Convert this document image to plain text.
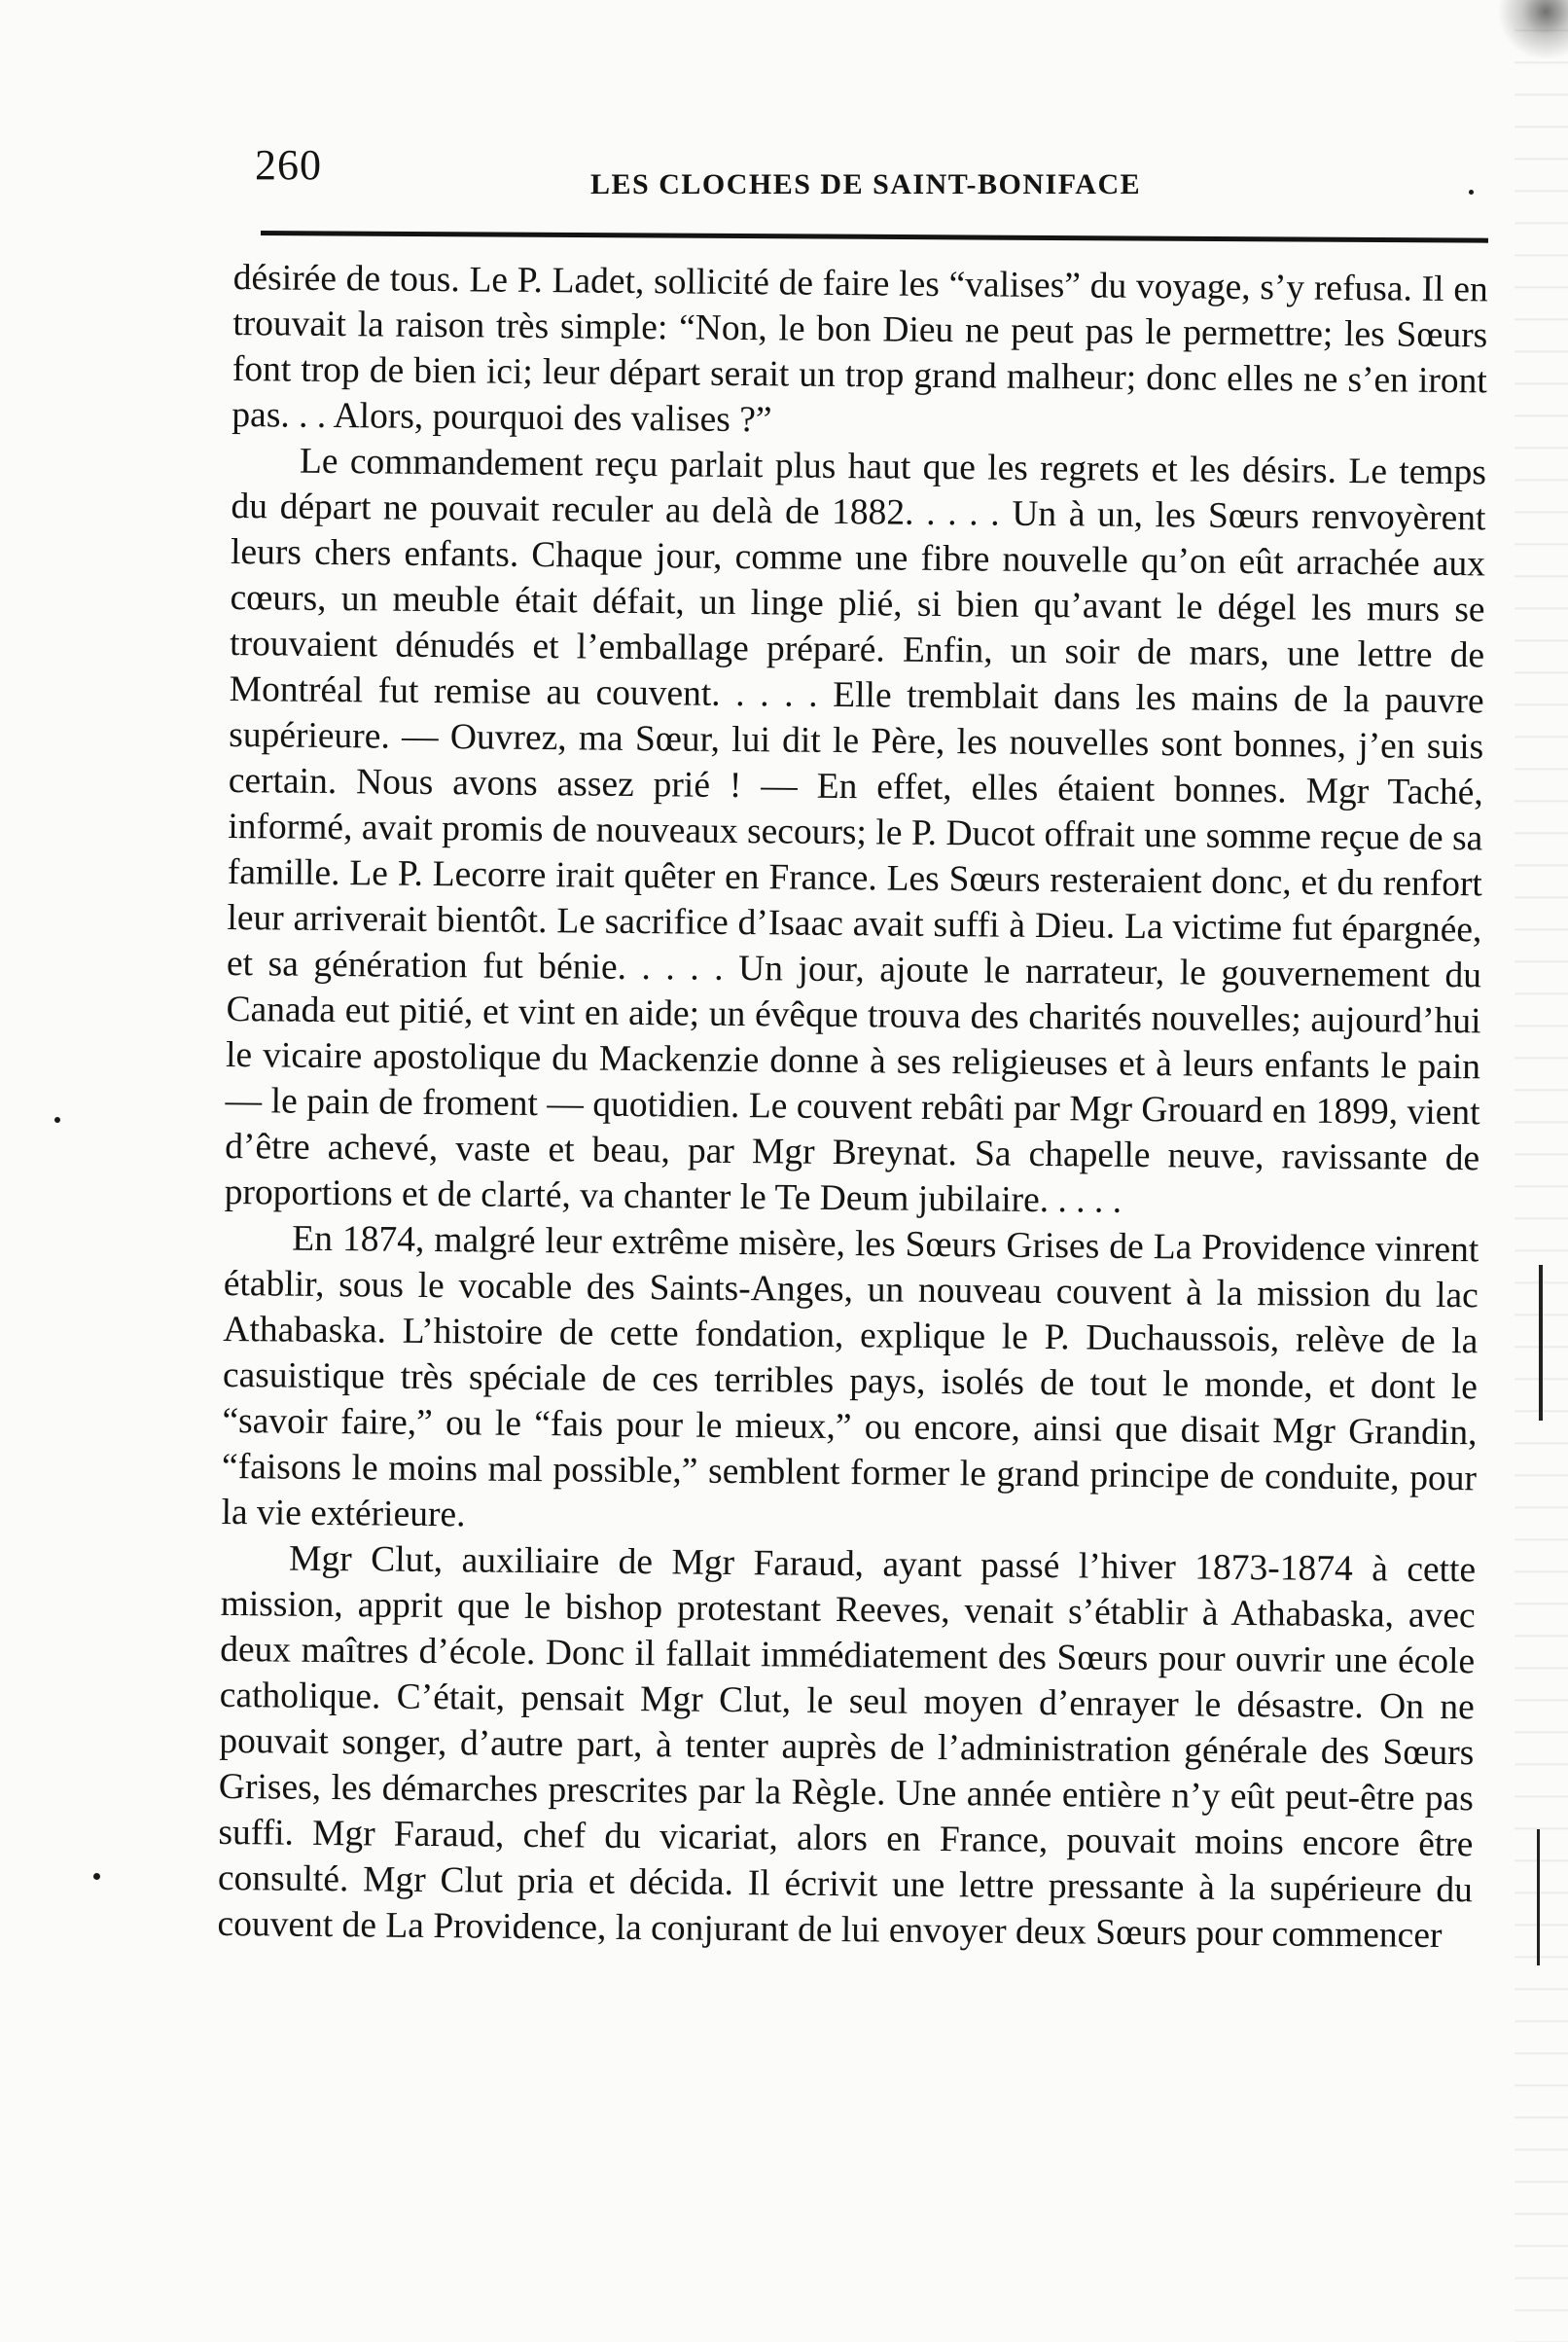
260	LES CLOCHES DE SAINT-BONIFACE

désirée de tous. Le P. Ladet, sollicité de faire les “valises” du voyage, s’y refusa. Il en trouvait la raison très simple: “Non, le bon Dieu ne peut pas le permettre; les Sœurs font trop de bien ici; leur départ serait un trop grand malheur; donc elles ne s’en iront pas. . . Alors, pourquoi des valises ?”

Le commandement reçu parlait plus haut que les regrets et les désirs. Le temps du départ ne pouvait reculer au delà de 1882. . . . . Un à un, les Sœurs renvoyèrent leurs chers enfants. Chaque jour, comme une fibre nouvelle qu’on eût arrachée aux cœurs, un meuble était défait, un linge plié, si bien qu’avant le dégel les murs se trouvaient dénudés et l’emballage préparé. Enfin, un soir de mars, une lettre de Montréal fut remise au couvent. . . . . Elle tremblait dans les mains de la pauvre supérieure. — Ouvrez, ma Sœur, lui dit le Père, les nouvelles sont bonnes, j’en suis certain. Nous avons assez prié ! — En effet, elles étaient bonnes. Mgr Taché, informé, avait promis de nouveaux secours; le P. Ducot offrait une somme reçue de sa famille. Le P. Lecorre irait quêter en France. Les Sœurs resteraient donc, et du renfort leur arriverait bientôt. Le sacrifice d’Isaac avait suffi à Dieu. La victime fut épargnée, et sa génération fut bénie. . . . . Un jour, ajoute le narrateur, le gouvernement du Canada eut pitié, et vint en aide; un évêque trouva des charités nouvelles; aujourd’hui le vicaire apostolique du Mackenzie donne à ses religieuses et à leurs enfants le pain — le pain de froment — quotidien. Le couvent rebâti par Mgr Grouard en 1899, vient d’être achevé, vaste et beau, par Mgr Breynat. Sa chapelle neuve, ravissante de proportions et de clarté, va chanter le Te Deum jubilaire. . . . .

En 1874, malgré leur extrême misère, les Sœurs Grises de La Providence vinrent établir, sous le vocable des Saints-Anges, un nouveau couvent à la mission du lac Athabaska. L’histoire de cette fondation, explique le P. Duchaussois, relève de la casuistique très spéciale de ces terribles pays, isolés de tout le monde, et dont le “savoir faire,” ou le “fais pour le mieux,” ou encore, ainsi que disait Mgr Grandin, “faisons le moins mal possible,” semblent former le grand principe de conduite, pour la vie extérieure.

Mgr Clut, auxiliaire de Mgr Faraud, ayant passé l’hiver 1873-1874 à cette mission, apprit que le bishop protestant Reeves, venait s’établir à Athabaska, avec deux maîtres d’école. Donc il fallait immédiatement des Sœurs pour ouvrir une école catholique. C’était, pensait Mgr Clut, le seul moyen d’enrayer le désastre. On ne pouvait songer, d’autre part, à tenter auprès de l’administration générale des Sœurs Grises, les démarches prescrites par la Règle. Une année entière n’y eût peut-être pas suffi. Mgr Faraud, chef du vicariat, alors en France, pouvait moins encore être consulté. Mgr Clut pria et décida. Il écrivit une lettre pressante à la supérieure du couvent de La Providence, la conjurant de lui envoyer deux Sœurs pour commencer
